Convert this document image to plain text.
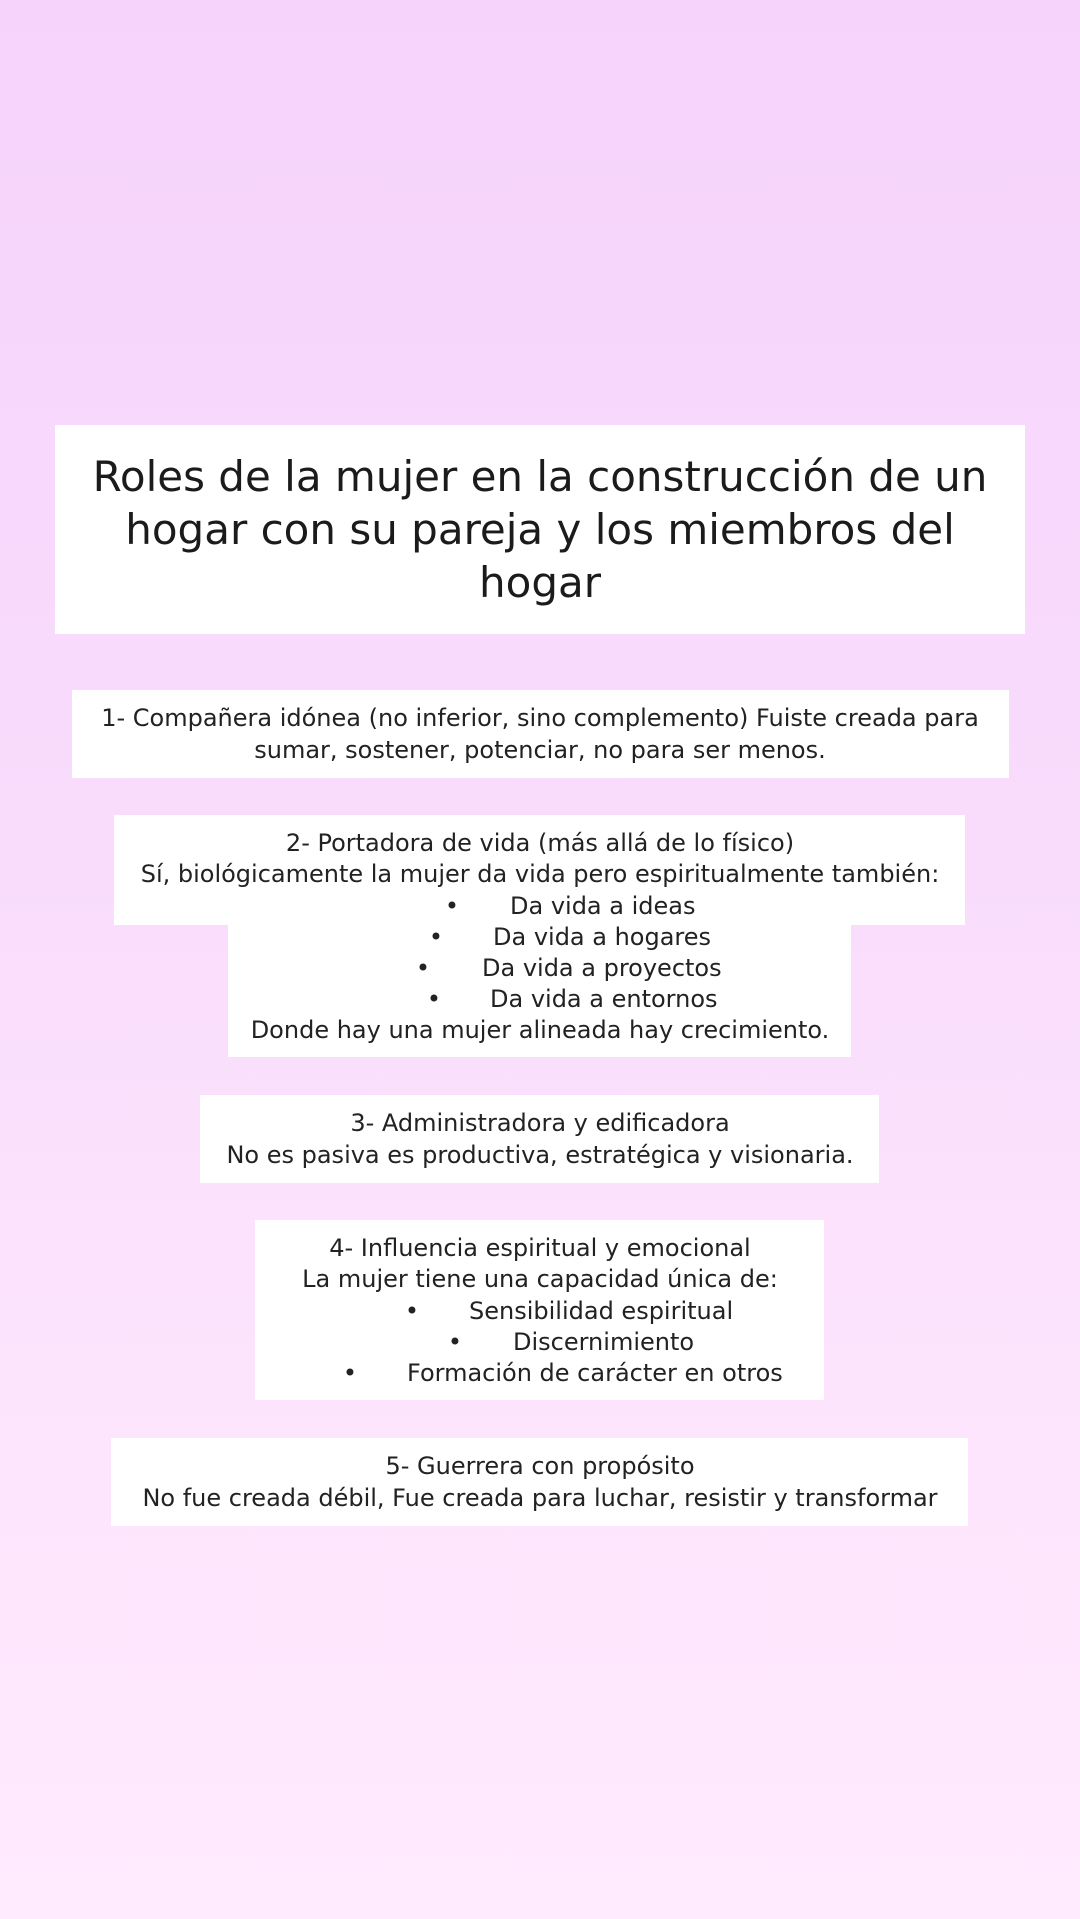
Roles de la mujer en la construcción de un hogar con su pareja y los miembros del hogar
1- Compañera idónea (no inferior, sino complemento) Fuiste creada para
sumar, sostener, potenciar, no para ser menos.
2- Portadora de vida (más allá de lo físico)
Sí, biológicamente la mujer da vida pero espiritualmente también:
• Da vida a ideas
• Da vida a hogares
• Da vida a proyectos
• Da vida a entornos
Donde hay una mujer alineada hay crecimiento.
3- Administradora y edificadora
No es pasiva es productiva, estratégica y visionaria.
4- Influencia espiritual y emocional
La mujer tiene una capacidad única de:
• Sensibilidad espiritual
• Discernimiento
• Formación de carácter en otros
5- Guerrera con propósito
No fue creada débil, Fue creada para luchar, resistir y transformar
